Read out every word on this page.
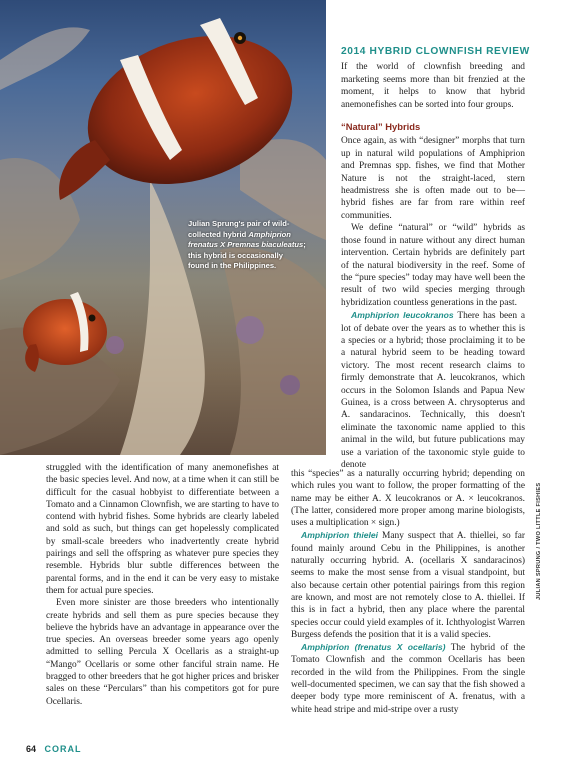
Julian Sprung's pair of wild-collected hybrid Amphiprion frenatus X Premnas biaculeatus; this hybrid is occasionally found in the Philippines.
2014 HYBRID CLOWNFISH REVIEW

If the world of clownfish breeding and marketing seems more than bit frenzied at the moment, it helps to know that hybrid anemonefishes can be sorted into four groups.

“Natural” Hybrids

Once again, as with “designer” morphs that turn up in natural wild populations of Amphiprion and Premnas spp. fishes, we find that Mother Nature is not the straight-laced, stern headmistress she is often made out to be—hybrid fishes are far from rare within reef communities.

We define “natural” or “wild” hybrids as those found in nature without any direct human intervention. Certain hybrids are definitely part of the natural biodiversity in the reef. Some of the “pure species” today may have well been the result of two wild species merging through hybridization countless generations in the past.

Amphiprion leucokranos There has been a lot of debate over the years as to whether this is a species or a hybrid; those proclaiming it to be a natural hybrid seem to be heading toward victory. The most recent research claims to firmly demonstrate that A. leucokranos, which occurs in the Solomon Islands and Papua New Guinea, is a cross between A. chrysopterus and A. sandaracinos. Technically, this doesn't eliminate the taxonomic name applied to this animal in the wild, but future publications may use a variation of the taxonomic style guide to denote

struggled with the identification of many anemonefishes at the basic species level. And now, at a time when it can still be difficult for the casual hobbyist to differentiate between a Tomato and a Cinnamon Clownfish, we are starting to have to contend with hybrid fishes. Some hybrids are clearly labeled and sold as such, but things can get hopelessly complicated by small-scale breeders who inadvertently create hybrid pairings and sell the offspring as whatever pure species they resemble. Hybrids blur subtle differences between the parental forms, and in the end it can be very easy to mistake them for actual pure species.

Even more sinister are those breeders who intentionally create hybrids and sell them as pure species because they believe the hybrids have an advantage in appearance over the true species. An overseas breeder some years ago openly admitted to selling Percula X Ocellaris as a straight-up “Mango” Ocellaris or some other fanciful strain name. He bragged to other breeders that he got higher prices and brisker sales on these “Perculars” than his competitors got for pure Ocellaris.

this “species” as a naturally occurring hybrid; depending on which rules you want to follow, the proper formatting of the name may be either A. X leucokranos or A. × leucokranos. (The latter, considered more proper among marine biologists, uses a multiplication × sign.)

Amphiprion thielei Many suspect that A. thiellei, so far found mainly around Cebu in the Philippines, is another naturally occurring hybrid. A. (ocellaris X sandaracinos) seems to make the most sense from a visual standpoint, but also because certain other potential pairings from this region are known, and most are not remotely close to A. thiellei. If this is in fact a hybrid, then any place where the parental species occur could yield examples of it. Ichthyologist Warren Burgess defends the position that it is a valid species.

Amphiprion (frenatus X ocellaris) The hybrid of the Tomato Clownfish and the common Ocellaris has been recorded in the wild from the Philippines. From the single well-documented specimen, we can say that the fish showed a deeper body type more reminiscent of A. frenatus, with a white head stripe and mid-stripe over a rusty

64 CORAL
JULIAN SPRUNG / TWO LITTLE FISHIES
